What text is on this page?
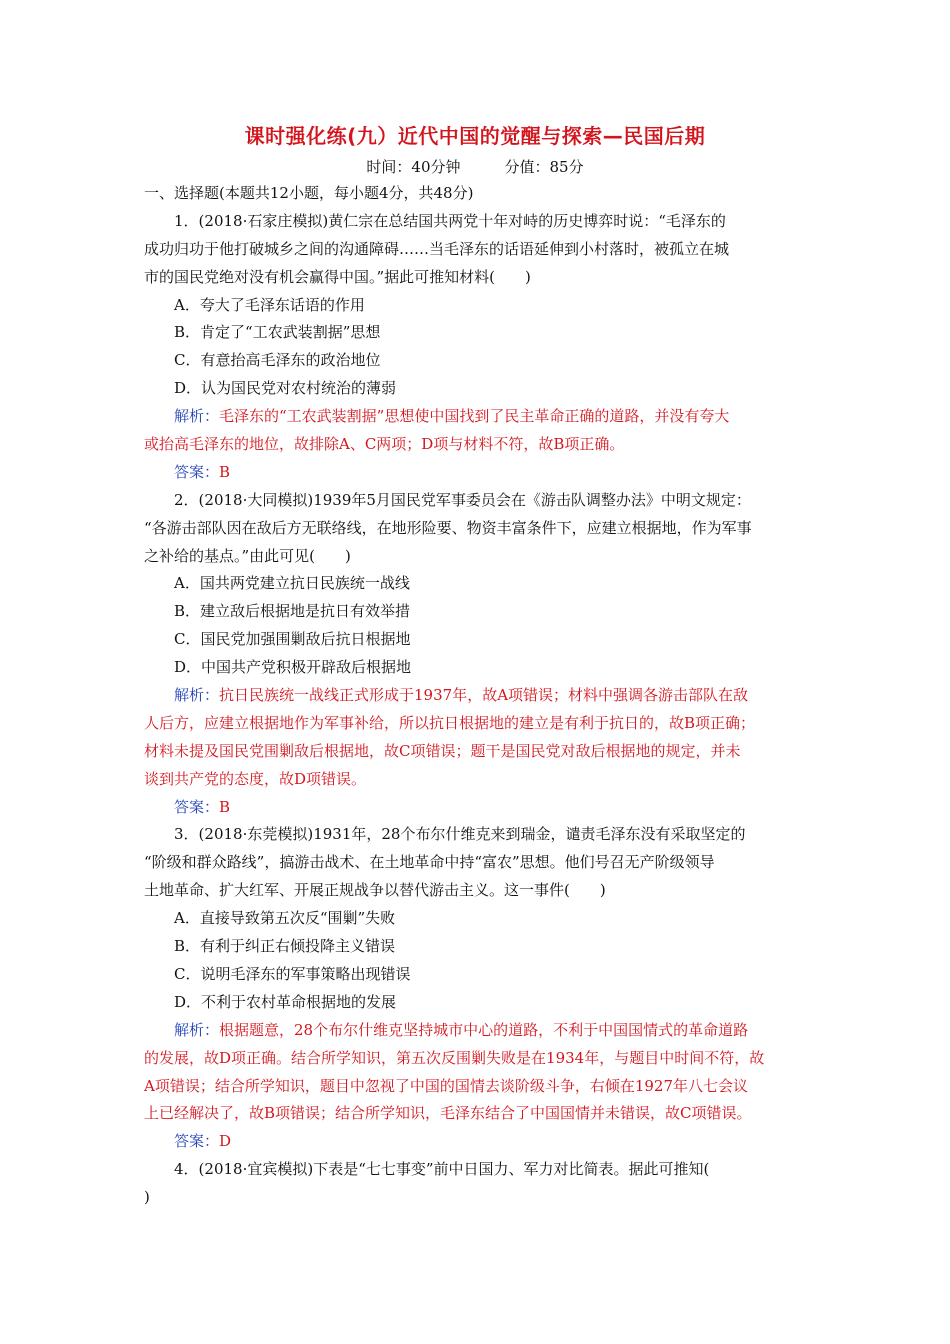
课时强化练(九）近代中国的觉醒与探索—民国后期
时间：40分钟	分值：85分
一、选择题(本题共12小题，每小题4分，共48分)
1．(2018·石家庄模拟)黄仁宗在总结国共两党十年对峙的历史博弈时说：“毛泽东的
成功归功于他打破城乡之间的沟通障碍……当毛泽东的话语延伸到小村落时，被孤立在城
市的国民党绝对没有机会赢得中国。”据此可推知材料(　　)
A．夸大了毛泽东话语的作用
B．肯定了“工农武装割据”思想
C．有意抬高毛泽东的政治地位
D．认为国民党对农村统治的薄弱
解析：毛泽东的“工农武装割据”思想使中国找到了民主革命正确的道路，并没有夸大
或抬高毛泽东的地位，故排除A、C两项；D项与材料不符，故B项正确。
答案：B
2．(2018·大同模拟)1939年5月国民党军事委员会在《游击队调整办法》中明文规定：
“各游击部队因在敌后方无联络线，在地形险要、物资丰富条件下，应建立根据地，作为军事
之补给的基点。”由此可见(　　)
A．国共两党建立抗日民族统一战线
B．建立敌后根据地是抗日有效举措
C．国民党加强围剿敌后抗日根据地
D．中国共产党积极开辟敌后根据地
解析：抗日民族统一战线正式形成于1937年，故A项错误；材料中强调各游击部队在敌
人后方，应建立根据地作为军事补给，所以抗日根据地的建立是有利于抗日的，故B项正确；
材料未提及国民党围剿敌后根据地，故C项错误；题干是国民党对敌后根据地的规定，并未
谈到共产党的态度，故D项错误。
答案：B
3．(2018·东莞模拟)1931年，28个布尔什维克来到瑞金，谴责毛泽东没有采取坚定的
“阶级和群众路线”，搞游击战术、在土地革命中持“富农”思想。他们号召无产阶级领导
土地革命、扩大红军、开展正规战争以替代游击主义。这一事件(　　)
A．直接导致第五次反“围剿”失败
B．有利于纠正右倾投降主义错误
C．说明毛泽东的军事策略出现错误
D．不利于农村革命根据地的发展
解析：根据题意，28个布尔什维克坚持城市中心的道路，不利于中国国情式的革命道路
的发展，故D项正确。结合所学知识，第五次反围剿失败是在1934年，与题目中时间不符，故
A项错误；结合所学知识，题目中忽视了中国的国情去谈阶级斗争，右倾在1927年八七会议
上已经解决了，故B项错误；结合所学知识，毛泽东结合了中国国情并未错误，故C项错误。
答案：D
4．(2018·宜宾模拟)下表是“七七事变”前中日国力、军力对比简表。据此可推知(
)
